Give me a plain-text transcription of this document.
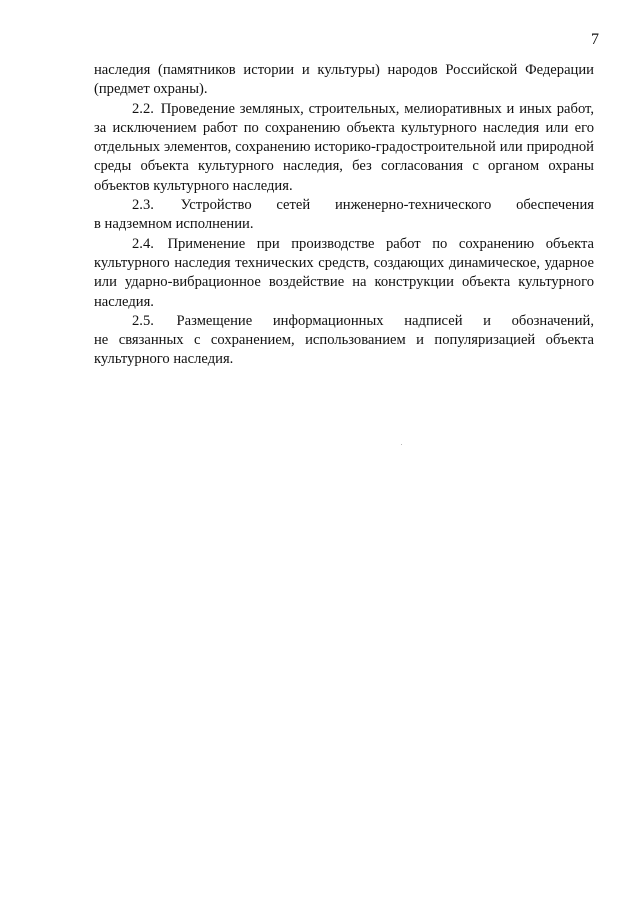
7

наследия (памятников истории и культуры) народов Российской Федерации (предмет охраны).

2.2. Проведение земляных, строительных, мелиоративных и иных работ, за исключением работ по сохранению объекта культурного наследия или его отдельных элементов, сохранению историко-градостроительной или природной среды объекта культурного наследия, без согласования с органом охраны объектов культурного наследия.

2.3. Устройство сетей инженерно-технического обеспечения

в надземном исполнении.

2.4. Применение при производстве работ по сохранению объекта культурного наследия технических средств, создающих динамическое, ударное или ударно-вибрационное воздействие на конструкции объекта культурного наследия.

2.5. Размещение информационных надписей и обозначений,

не связанных с сохранением, использованием и популяризацией объекта культурного наследия.
